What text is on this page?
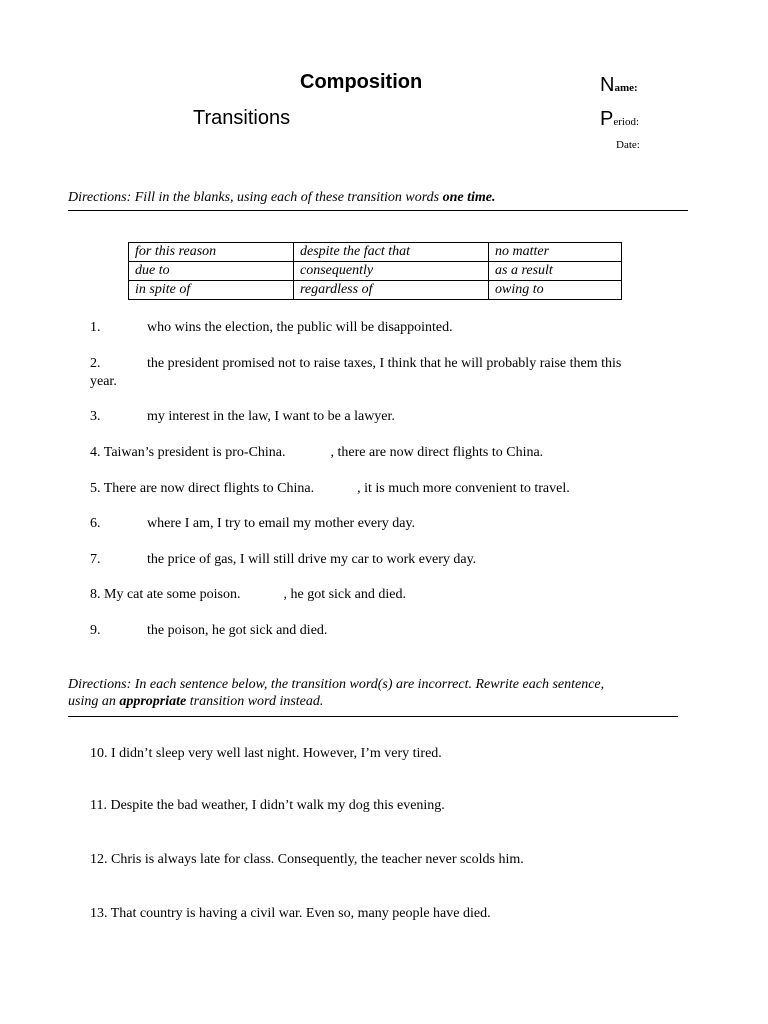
Composition
Transitions
Name:
Period:
Date:
Directions: Fill in the blanks, using each of these transition words one time.
for this reason	despite the fact that	no matter
due to	consequently	as a result
in spite of	regardless of	owing to
1.	who wins the election, the public will be disappointed.
2.	the president promised not to raise taxes, I think that he will probably raise them this
year.
3.	my interest in the law, I want to be a lawyer.
4. Taiwan’s president is pro-China.	, there are now direct flights to China.
5. There are now direct flights to China.	, it is much more convenient to travel.
6.	where I am, I try to email my mother every day.
7.	the price of gas, I will still drive my car to work every day.
8. My cat ate some poison.	, he got sick and died.
9.	the poison, he got sick and died.
Directions: In each sentence below, the transition word(s) are incorrect. Rewrite each sentence,
using an appropriate transition word instead.
10. I didn’t sleep very well last night. However, I’m very tired.
11. Despite the bad weather, I didn’t walk my dog this evening.
12. Chris is always late for class. Consequently, the teacher never scolds him.
13. That country is having a civil war. Even so, many people have died.
